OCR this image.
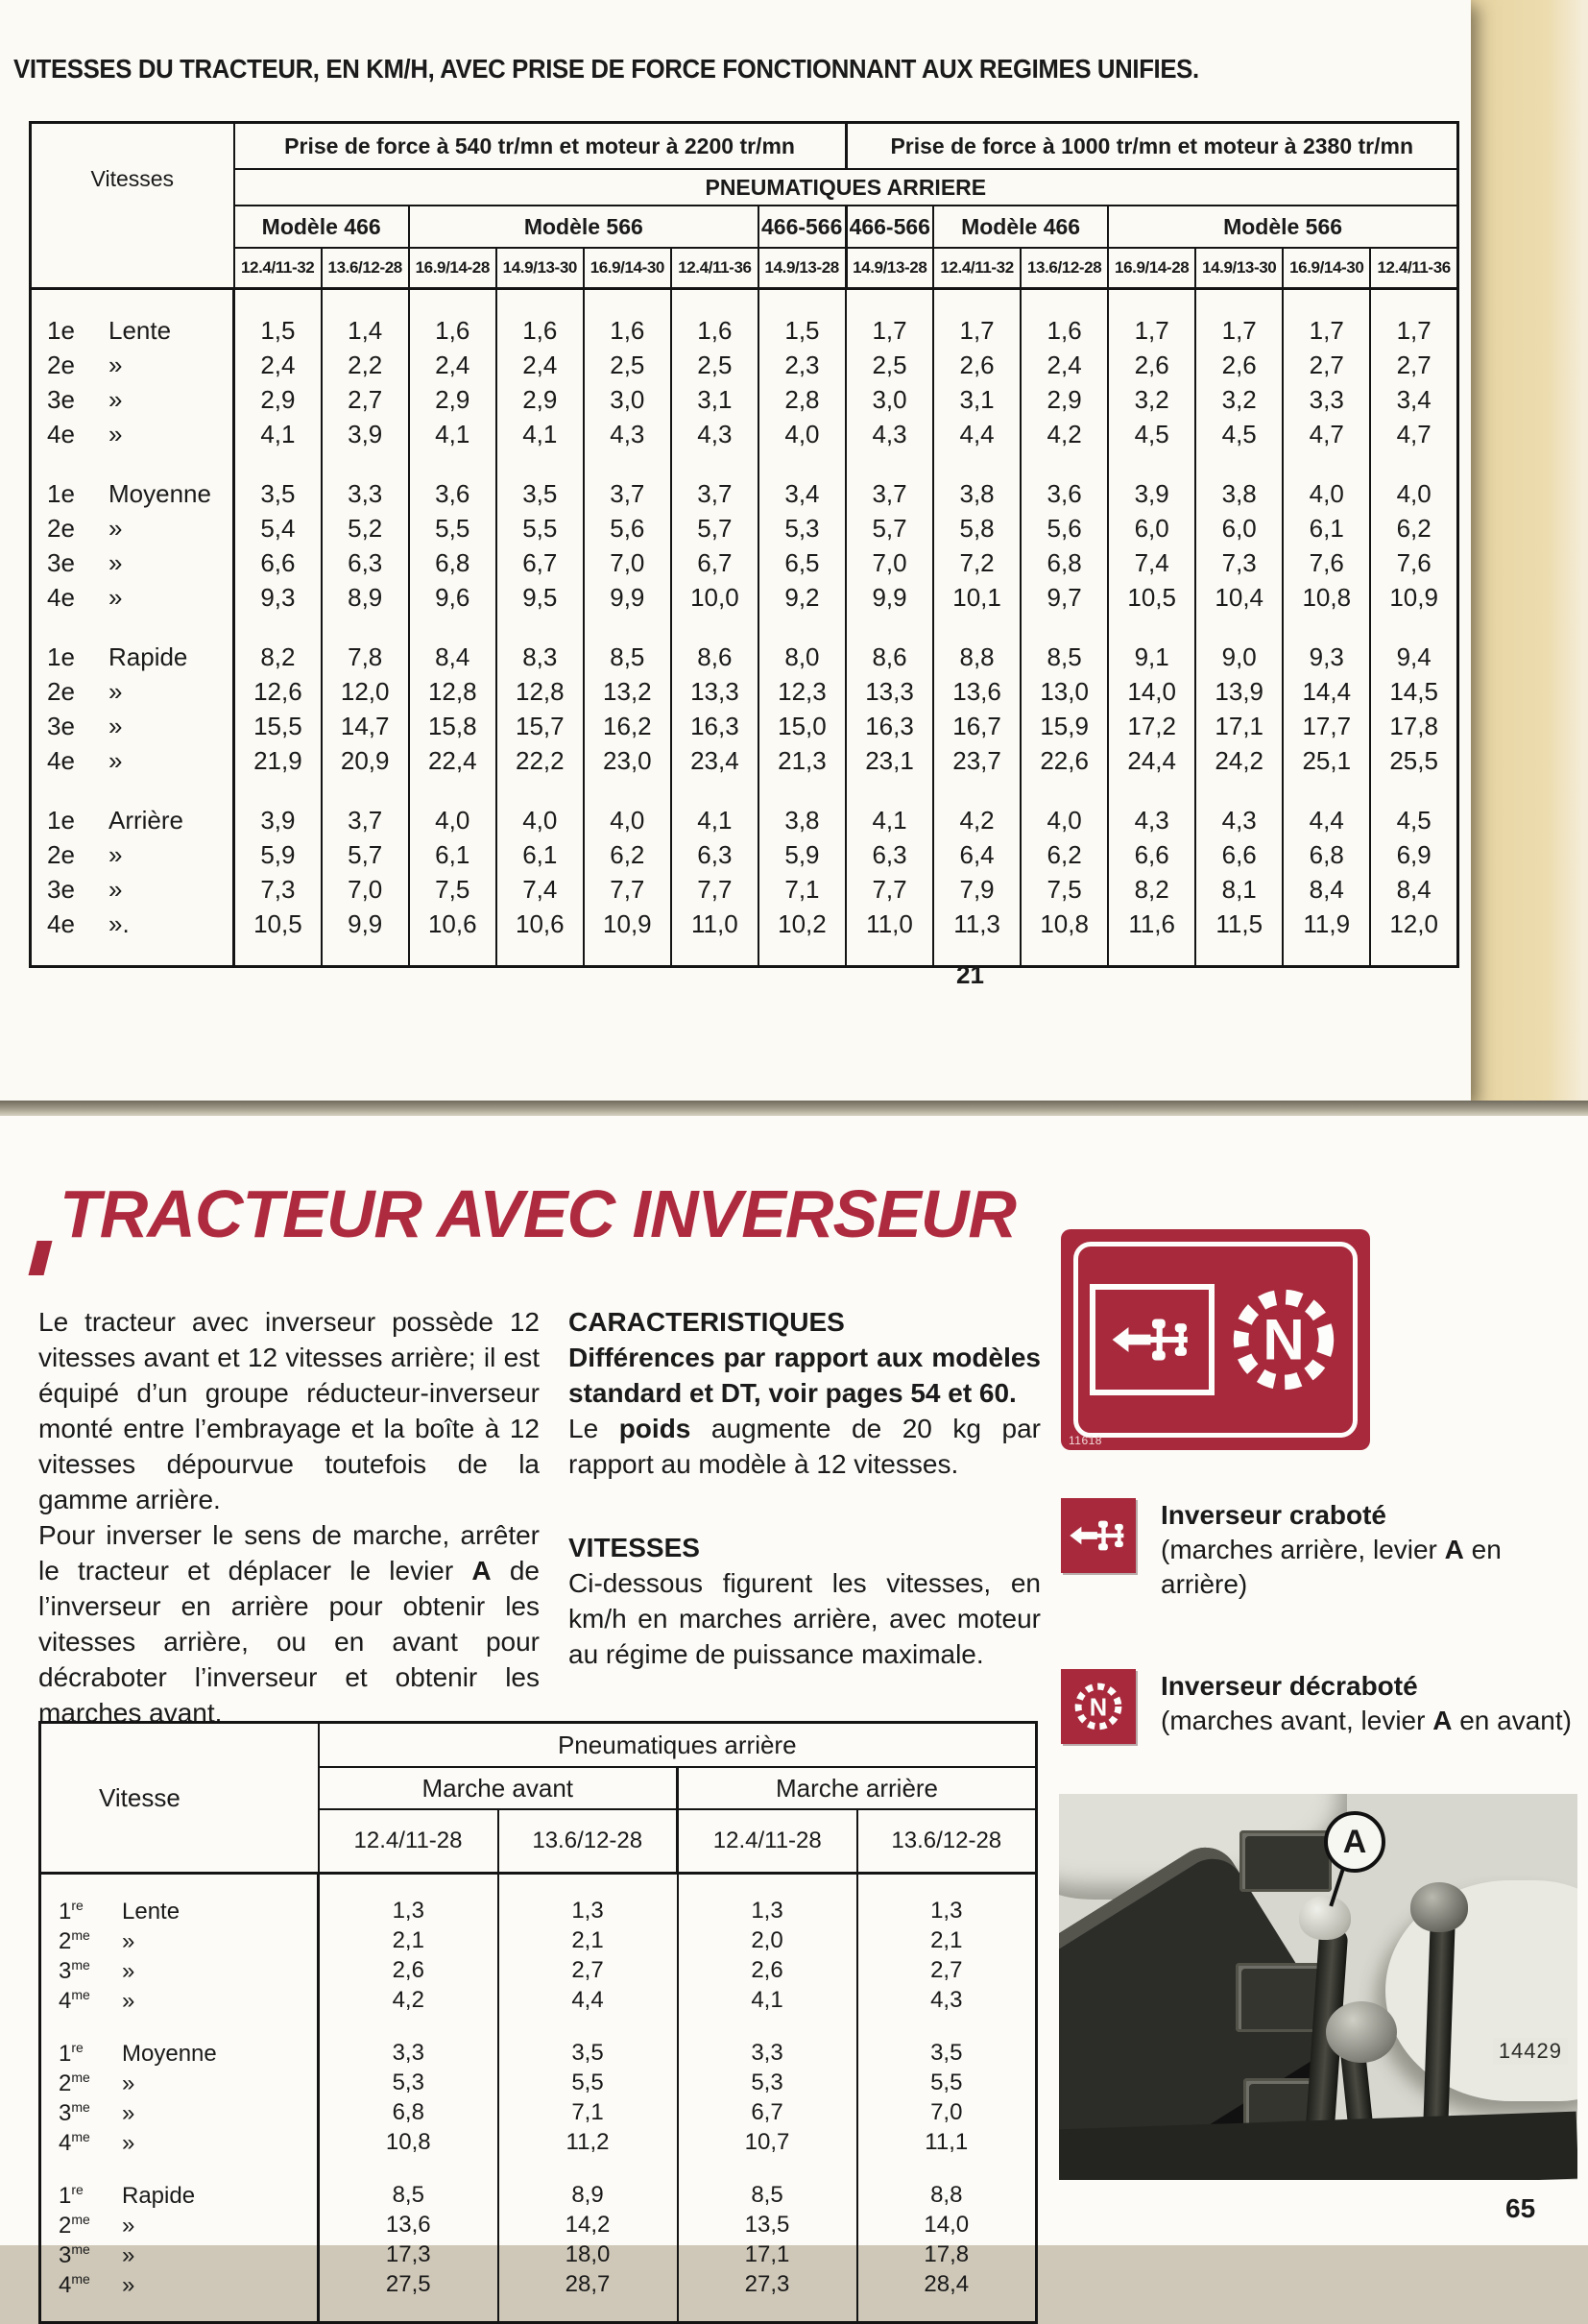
VITESSES DU TRACTEUR, EN KM/H, AVEC PRISE DE FORCE FONCTIONNANT AUX REGIMES UNIFIES.
Vitesses	Prise de force à 540 tr/mn et moteur à 2200 tr/mn							Prise de force à 1000 tr/mn et moteur à 2380 tr/mn						
	PNEUMATIQUES ARRIERE													
	Modèle 466		Modèle 566				466-566	466-566	Modèle 466		Modèle 566			
	12.4/11-32	13.6/12-28	16.9/14-28	14.9/13-30	16.9/14-30	12.4/11-36	14.9/13-28	14.9/13-28	12.4/11-32	13.6/12-28	16.9/14-28	14.9/13-30	16.9/14-30	12.4/11-36

1e Lente	1,5	1,4	1,6	1,6	1,6	1,6	1,5	1,7	1,7	1,6	1,7	1,7	1,7	1,7
2e »	2,4	2,2	2,4	2,4	2,5	2,5	2,3	2,5	2,6	2,4	2,6	2,6	2,7	2,7
3e »	2,9	2,7	2,9	2,9	3,0	3,1	2,8	3,0	3,1	2,9	3,2	3,2	3,3	3,4
4e »	4,1	3,9	4,1	4,1	4,3	4,3	4,0	4,3	4,4	4,2	4,5	4,5	4,7	4,7

1e Moyenne	3,5	3,3	3,6	3,5	3,7	3,7	3,4	3,7	3,8	3,6	3,9	3,8	4,0	4,0
2e »	5,4	5,2	5,5	5,5	5,6	5,7	5,3	5,7	5,8	5,6	6,0	6,0	6,1	6,2
3e »	6,6	6,3	6,8	6,7	7,0	6,7	6,5	7,0	7,2	6,8	7,4	7,3	7,6	7,6
4e »	9,3	8,9	9,6	9,5	9,9	10,0	9,2	9,9	10,1	9,7	10,5	10,4	10,8	10,9

1e Rapide	8,2	7,8	8,4	8,3	8,5	8,6	8,0	8,6	8,8	8,5	9,1	9,0	9,3	9,4
2e »	12,6	12,0	12,8	12,8	13,2	13,3	12,3	13,3	13,6	13,0	14,0	13,9	14,4	14,5
3e »	15,5	14,7	15,8	15,7	16,2	16,3	15,0	16,3	16,7	15,9	17,2	17,1	17,7	17,8
4e »	21,9	20,9	22,4	22,2	23,0	23,4	21,3	23,1	23,7	22,6	24,4	24,2	25,1	25,5

1e Arrière	3,9	3,7	4,0	4,0	4,0	4,1	3,8	4,1	4,2	4,0	4,3	4,3	4,4	4,5
2e »	5,9	5,7	6,1	6,1	6,2	6,3	5,9	6,3	6,4	6,2	6,6	6,6	6,8	6,9
3e »	7,3	7,0	7,5	7,4	7,7	7,7	7,1	7,7	7,9	7,5	8,2	8,1	8,4	8,4
4e ».	10,5	9,9	10,6	10,6	10,9	11,0	10,2	11,0	11,3	10,8	11,6	11,5	11,9	12,0

21
TRACTEUR AVEC INVERSEUR

Le tracteur avec inverseur possède 12 vitesses avant et 12 vitesses arrière; il est équipé d’un groupe réducteur-inverseur monté entre l’embrayage et la boîte à 12 vitesses dépourvue toutefois de la gamme arrière.

Pour inverser le sens de marche, arrêter le tracteur et déplacer le levier A de l’inverseur en arrière pour obtenir les vitesses arrière, ou en avant pour décraboter l’inverseur et obtenir les marches avant.

CARACTERISTIQUES

Différences par rapport aux modèles standard et DT, voir pages 54 et 60.

Le poids augmente de 20 kg par rapport au modèle à 12 vitesses.

VITESSES

Ci-dessous figurent les vitesses, en km/h en marches arrière, avec moteur au régime de puissance maximale.

N
11618
Inverseur craboté
(marches arrière, levier A en arrière)
N
Inverseur décraboté
(marches avant, levier A en avant)
Vitesse	Pneumatiques arrière			
	Marche avant		Marche arrière	
	12.4/11-28	13.6/12-28	12.4/11-28	13.6/12-28

1re Lente	1,3	1,3	1,3	1,3
$2^{me}$ »	2,1	2,1	2,0	2,1
$3^{me}$ »	2,6	2,7	2,6	2,7
$4^{me}$ »	4,2	4,4	4,1	4,3

1re Moyenne	3,3	3,5	3,3	3,5
$2^{me}$ »	5,3	5,5	5,3	5,5
$3^{me}$ »	6,8	7,1	6,7	7,0
$4^{me}$ »	10,8	11,2	10,7	11,1

1re Rapide	8,5	8,9	8,5	8,8
$2^{me}$ »	13,6	14,2	13,5	14,0
$3^{me}$ »	17,3	18,0	17,1	17,8
$4^{me}$ »	27,5	28,7	27,3	28,4

A
14429
65
